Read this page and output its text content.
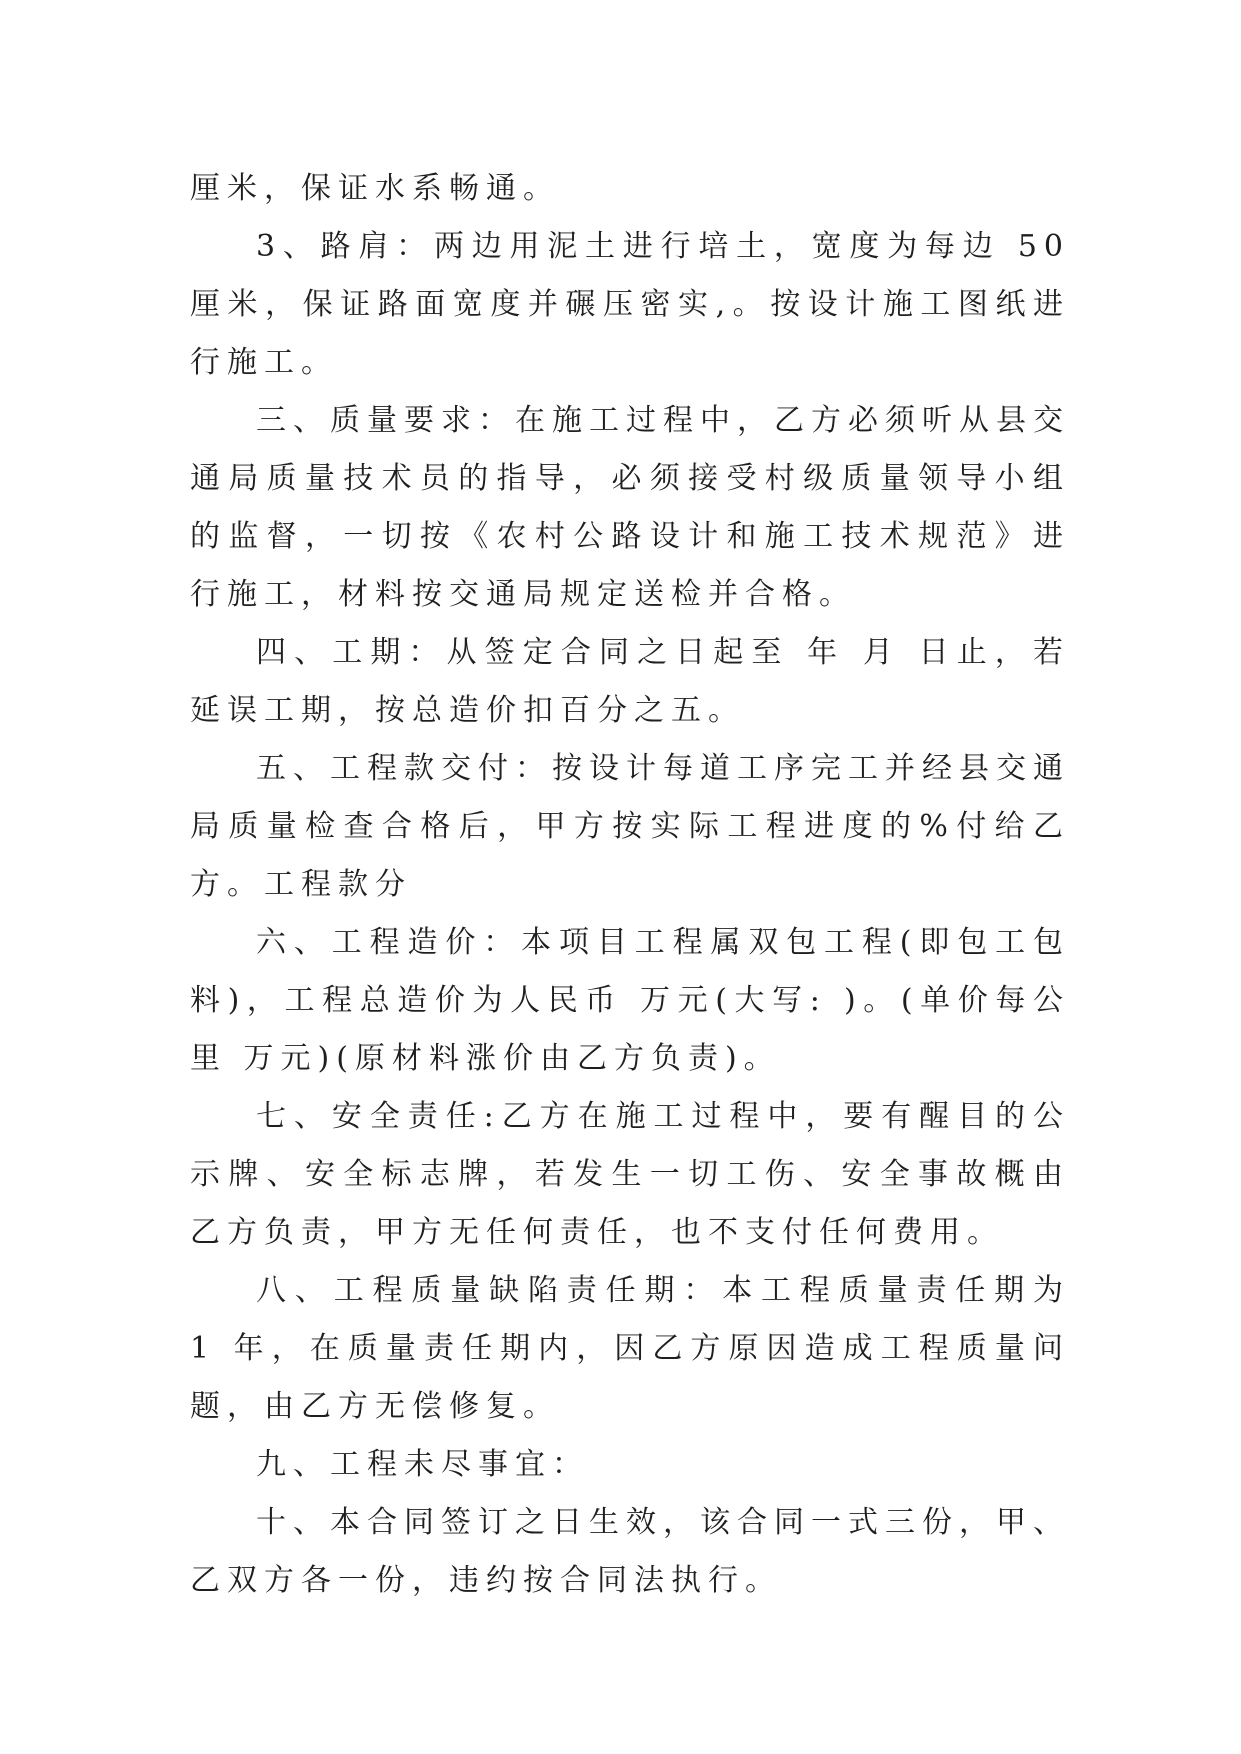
厘米，保证水系畅通。

3、路肩：两边用泥土进行培土，宽度为每边 50 厘米，保证路面宽度并碾压密实,。按设计施工图纸进行施工。

三、质量要求：在施工过程中，乙方必须听从县交通局质量技术员的指导，必须接受村级质量领导小组的监督，一切按《农村公路设计和施工技术规范》进行施工，材料按交通局规定送检并合格。

四、工期：从签定合同之日起至 年 月 日止，若延误工期，按总造价扣百分之五。

五、工程款交付：按设计每道工序完工并经县交通局质量检查合格后，甲方按实际工程进度的%付给乙方。工程款分

六、工程造价：本项目工程属双包工程(即包工包料)，工程总造价为人民币 万元(大写: )。(单价每公里 万元)(原材料涨价由乙方负责)。

七、安全责任:乙方在施工过程中，要有醒目的公示牌、安全标志牌，若发生一切工伤、安全事故概由乙方负责，甲方无任何责任，也不支付任何费用。

八、工程质量缺陷责任期：本工程质量责任期为 1 年，在质量责任期内，因乙方原因造成工程质量问题，由乙方无偿修复。

九、工程未尽事宜：

十、本合同签订之日生效，该合同一式三份，甲、乙双方各一份，违约按合同法执行。
